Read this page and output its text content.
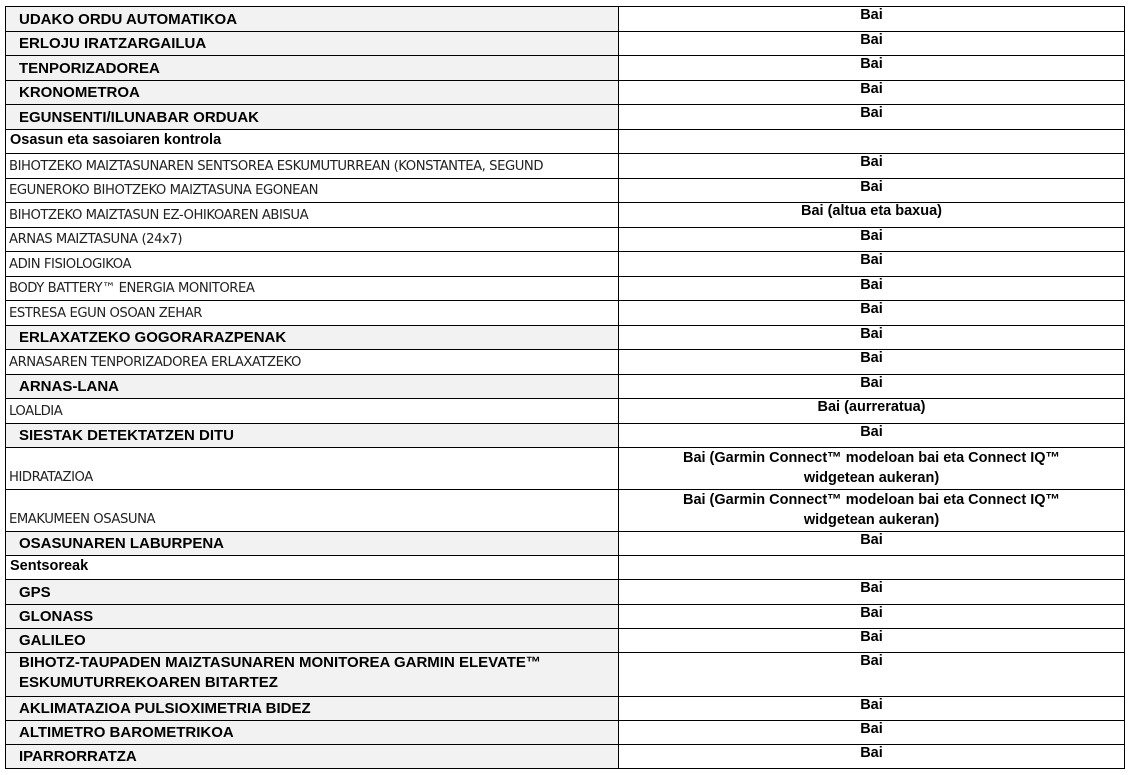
UDAKO ORDU AUTOMATIKOA	Bai
ERLOJU IRATZARGAILUA	Bai
TENPORIZADOREA	Bai
KRONOMETROA	Bai
EGUNSENTI/ILUNABAR ORDUAK	Bai
Osasun eta sasoiaren kontrola	
BIHOTZEKO MAIZTASUNAREN SENTSOREA ESKUMUTURREAN (KONSTANTEA, SEGUND	Bai
EGUNEROKO BIHOTZEKO MAIZTASUNA EGONEAN	Bai
BIHOTZEKO MAIZTASUN EZ-OHIKOAREN ABISUA	Bai (altua eta baxua)
ARNAS MAIZTASUNA (24x7)	Bai
ADIN FISIOLOGIKOA	Bai
BODY BATTERY™ ENERGIA MONITOREA	Bai
ESTRESA EGUN OSOAN ZEHAR	Bai
ERLAXATZEKO GOGORARAZPENAK	Bai
ARNASAREN TENPORIZADOREA ERLAXATZEKO	Bai
ARNAS-LANA	Bai
LOALDIA	Bai (aurreratua)
SIESTAK DETEKTATZEN DITU	Bai
HIDRATAZIOA	Bai (Garmin Connect™ modeloan bai eta Connect IQ™ widgetean aukeran)
EMAKUMEEN OSASUNA	Bai (Garmin Connect™ modeloan bai eta Connect IQ™ widgetean aukeran)
OSASUNAREN LABURPENA	Bai
Sentsoreak	
GPS	Bai
GLONASS	Bai
GALILEO	Bai
BIHOTZ-TAUPADEN MAIZTASUNAREN MONITOREA GARMIN ELEVATE™ ESKUMUTURREKOAREN BITARTEZ	Bai
AKLIMATAZIOA PULSIOXIMETRIA BIDEZ	Bai
ALTIMETRO BAROMETRIKOA	Bai
IPARRORRATZA	Bai
